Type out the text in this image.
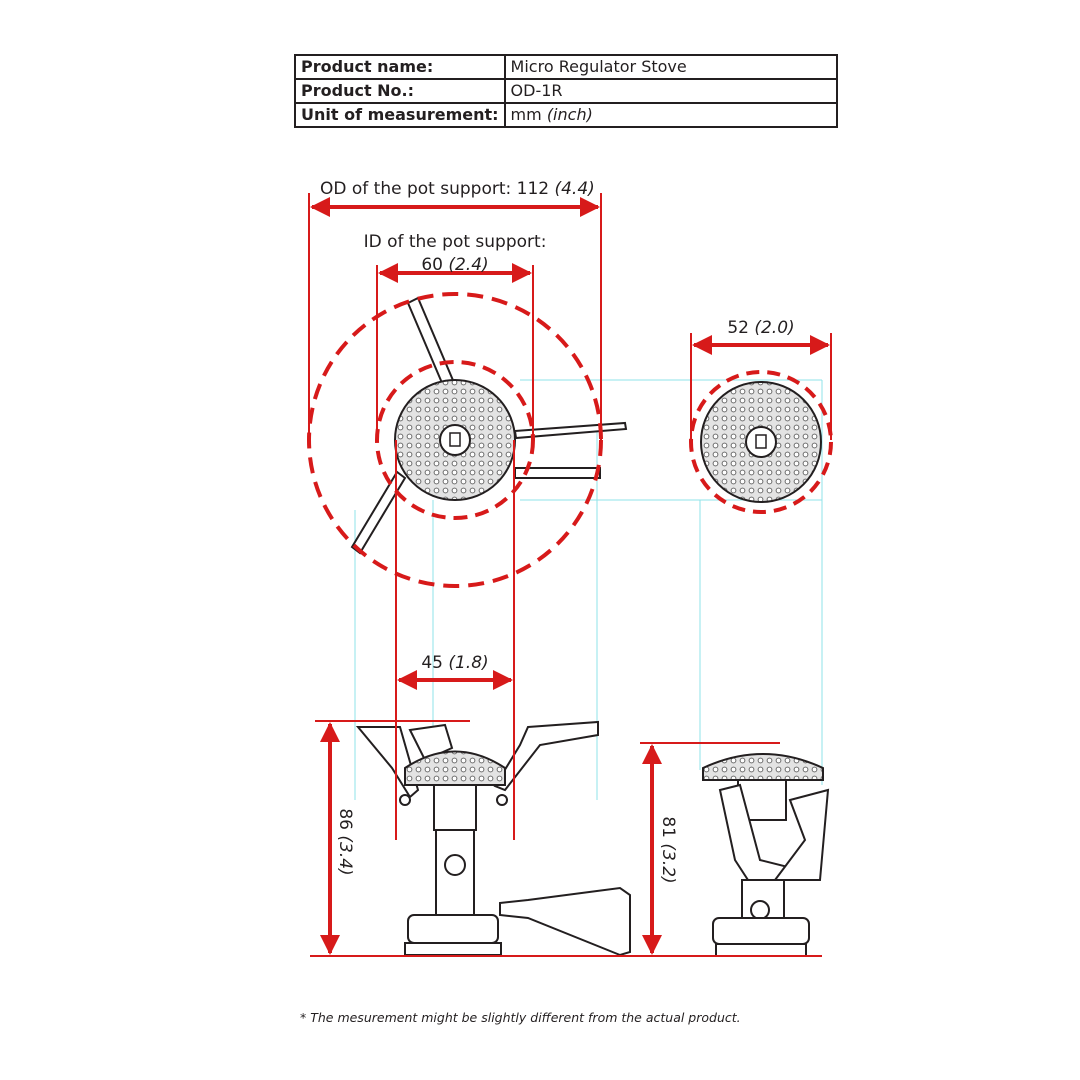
Product name:	Micro Regulator Stove
Product No.:	OD-1R
Unit of measurement:	mm (inch)
OD of the pot support: 112 (4.4)
ID of the pot support:
60 (2.4)
52 (2.0)
45 (1.8)
86 (3.4)
81 (3.2)
* The mesurement might be slightly different from the actual product.
